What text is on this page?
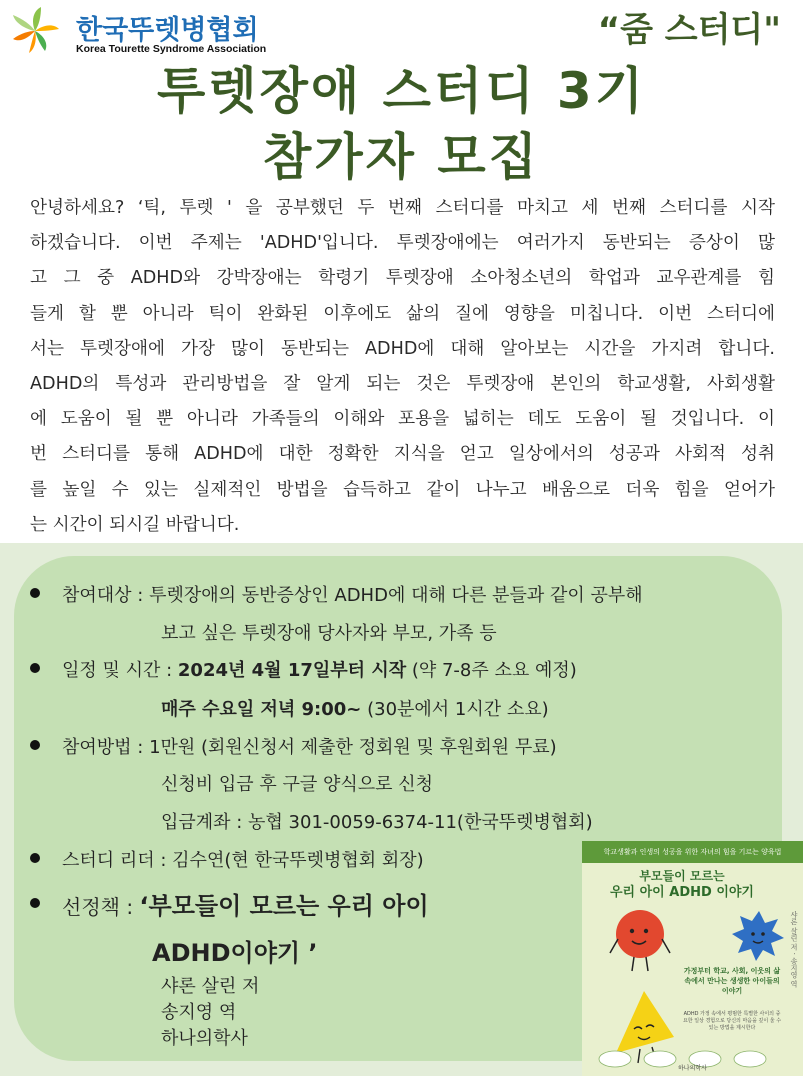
한국뚜렛병협회
Korea Tourette Syndrome Association	“줌 스터디"
투렛장애 스터디 3기
참가자 모집
안녕하세요? ‘틱, 투렛 ' 을 공부했던 두 번째 스터디를 마치고 세 번째 스터디를 시작
하겠습니다. 이번 주제는 'ADHD'입니다. 투렛장애에는 여러가지 동반되는 증상이 많
고 그 중 ADHD와 강박장애는 학령기 투렛장애 소아청소년의 학업과 교우관계를 힘
들게 할 뿐 아니라 틱이 완화된 이후에도 삶의 질에 영향을 미칩니다. 이번 스터디에
서는 투렛장애에 가장 많이 동반되는 ADHD에 대해 알아보는 시간을 가지려 합니다.
ADHD의 특성과 관리방법을 잘 알게 되는 것은 투렛장애 본인의 학교생활, 사회생활
에 도움이 될 뿐 아니라 가족들의 이해와 포용을 넓히는 데도 도움이 될 것입니다. 이
번 스터디를 통해 ADHD에 대한 정확한 지식을 얻고 일상에서의 성공과 사회적 성취
를 높일 수 있는 실제적인 방법을 습득하고 같이 나누고 배움으로 더욱 힘을 얻어가
는 시간이 되시길 바랍니다.
참여대상 : 투렛장애의 동반증상인 ADHD에 대해 다른 분들과 같이 공부해
보고 싶은 투렛장애 당사자와 부모, 가족 등
일정 및 시간 : 2024년 4월 17일부터 시작 (약 7-8주 소요 예정)
매주 수요일 저녁 9:00~ (30분에서 1시간 소요)
참여방법 : 1만원 (회원신청서 제출한 정회원 및 후원회원 무료)
신청비 입금 후 구글 양식으로 신청
입금계좌 : 농협 301-0059-6374-11(한국뚜렛병협회)
스터디 리더 : 김수연(현 한국뚜렛병협회 회장)
선정책 : ‘부모들이 모르는 우리 아이
ADHD이야기 ’
샤론 살린 저
송지영 역
하나의학사
학교생활과 인생의 성공을 위한 자녀의 힘을 기르는 양육법
부모들이 모르는
우리 아이 ADHD 이야기
샤론 살린 저 · 송지영 역
가정부터 학교, 사회, 이웃의 삶 속에서 만나는 생생한 아이들의 이야기
ADHD 가정 속에서 평범한 특별한 사이의 중요한 일상 경험으로 당신의 마음을 깊이 울 수 있는 방법을 제시한다
하나의학사
